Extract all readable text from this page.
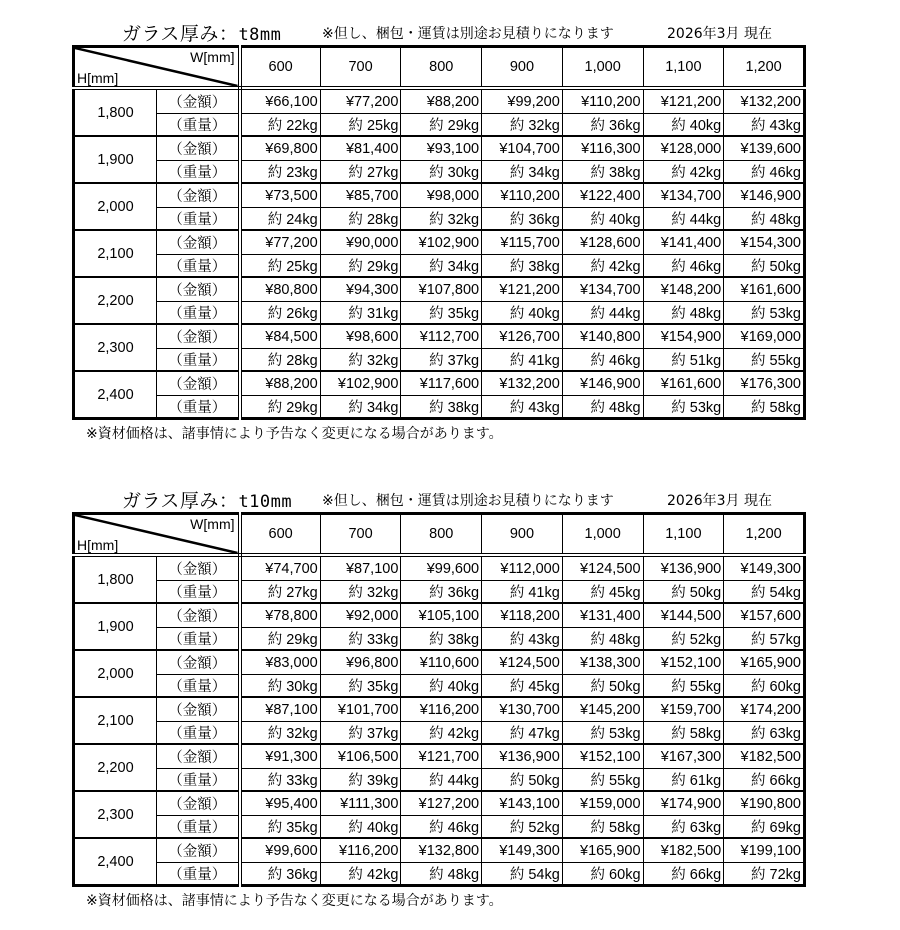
ガラス厚み：t8mm	※但し、梱包・運賃は別途お見積りになります	2026年3月 現在
W[mm]
H[mm]		600	700	800	900	1,000	1,100	1,200
1,800	（金額）	¥66,100	¥77,200	¥88,200	¥99,200	¥110,200	¥121,200	¥132,200
	（重量）	約 22kg	約 25kg	約 29kg	約 32kg	約 36kg	約 40kg	約 43kg
1,900	（金額）	¥69,800	¥81,400	¥93,100	¥104,700	¥116,300	¥128,000	¥139,600
	（重量）	約 23kg	約 27kg	約 30kg	約 34kg	約 38kg	約 42kg	約 46kg
2,000	（金額）	¥73,500	¥85,700	¥98,000	¥110,200	¥122,400	¥134,700	¥146,900
	（重量）	約 24kg	約 28kg	約 32kg	約 36kg	約 40kg	約 44kg	約 48kg
2,100	（金額）	¥77,200	¥90,000	¥102,900	¥115,700	¥128,600	¥141,400	¥154,300
	（重量）	約 25kg	約 29kg	約 34kg	約 38kg	約 42kg	約 46kg	約 50kg
2,200	（金額）	¥80,800	¥94,300	¥107,800	¥121,200	¥134,700	¥148,200	¥161,600
	（重量）	約 26kg	約 31kg	約 35kg	約 40kg	約 44kg	約 48kg	約 53kg
2,300	（金額）	¥84,500	¥98,600	¥112,700	¥126,700	¥140,800	¥154,900	¥169,000
	（重量）	約 28kg	約 32kg	約 37kg	約 41kg	約 46kg	約 51kg	約 55kg
2,400	（金額）	¥88,200	¥102,900	¥117,600	¥132,200	¥146,900	¥161,600	¥176,300
	（重量）	約 29kg	約 34kg	約 38kg	約 43kg	約 48kg	約 53kg	約 58kg
※資材価格は、諸事情により予告なく変更になる場合があります。
ガラス厚み：t10mm ※但し、梱包・運賃は別途お見積りになります	2026年3月 現在
W[mm]
H[mm]		600	700	800	900	1,000	1,100	1,200
1,800	（金額）	¥74,700	¥87,100	¥99,600	¥112,000	¥124,500	¥136,900	¥149,300
	（重量）	約 27kg	約 32kg	約 36kg	約 41kg	約 45kg	約 50kg	約 54kg
1,900	（金額）	¥78,800	¥92,000	¥105,100	¥118,200	¥131,400	¥144,500	¥157,600
	（重量）	約 29kg	約 33kg	約 38kg	約 43kg	約 48kg	約 52kg	約 57kg
2,000	（金額）	¥83,000	¥96,800	¥110,600	¥124,500	¥138,300	¥152,100	¥165,900
	（重量）	約 30kg	約 35kg	約 40kg	約 45kg	約 50kg	約 55kg	約 60kg
2,100	（金額）	¥87,100	¥101,700	¥116,200	¥130,700	¥145,200	¥159,700	¥174,200
	（重量）	約 32kg	約 37kg	約 42kg	約 47kg	約 53kg	約 58kg	約 63kg
2,200	（金額）	¥91,300	¥106,500	¥121,700	¥136,900	¥152,100	¥167,300	¥182,500
	（重量）	約 33kg	約 39kg	約 44kg	約 50kg	約 55kg	約 61kg	約 66kg
2,300	（金額）	¥95,400	¥111,300	¥127,200	¥143,100	¥159,000	¥174,900	¥190,800
	（重量）	約 35kg	約 40kg	約 46kg	約 52kg	約 58kg	約 63kg	約 69kg
2,400	（金額）	¥99,600	¥116,200	¥132,800	¥149,300	¥165,900	¥182,500	¥199,100
	（重量）	約 36kg	約 42kg	約 48kg	約 54kg	約 60kg	約 66kg	約 72kg
※資材価格は、諸事情により予告なく変更になる場合があります。
